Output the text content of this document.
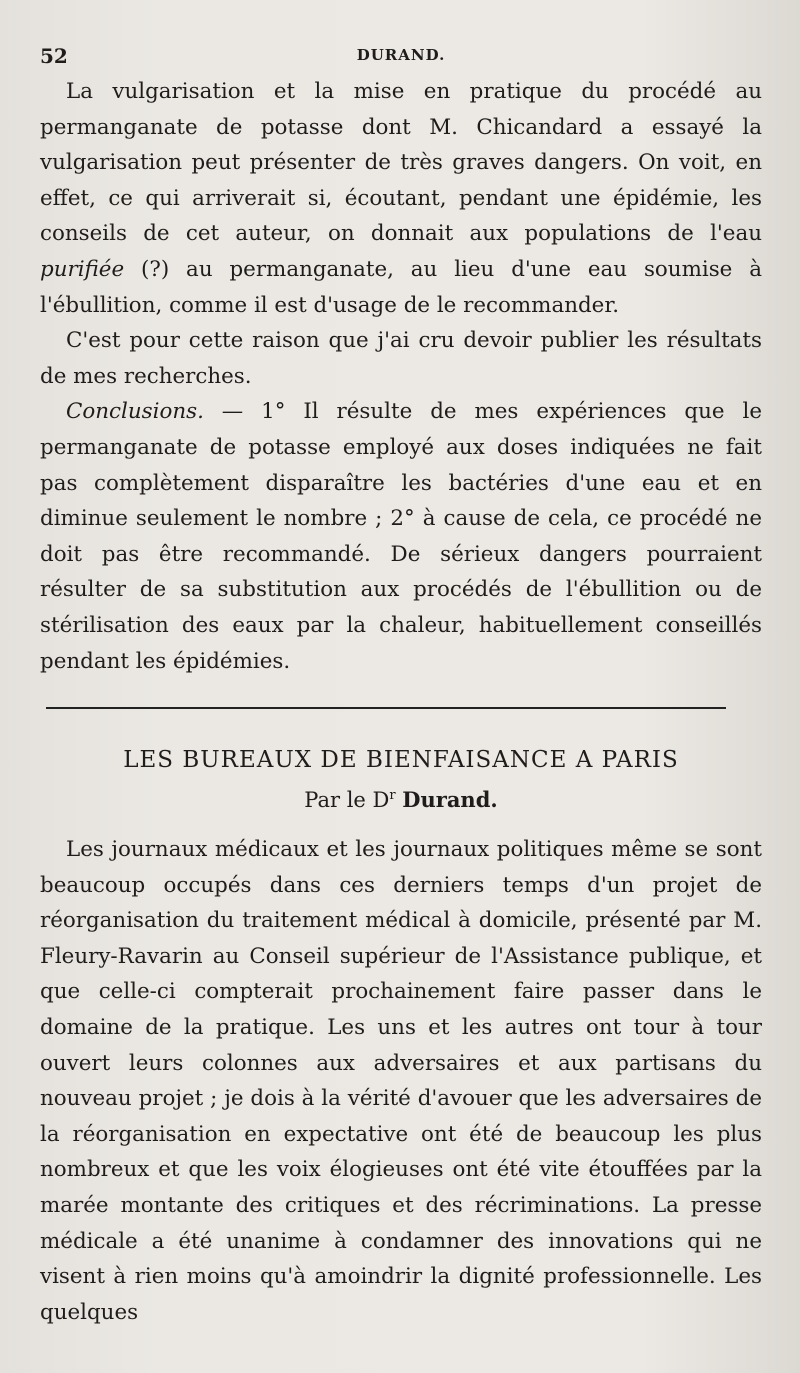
52	DURAND.

La vulgarisation et la mise en pratique du procédé au permanganate de potasse dont M. Chicandard a essayé la vulgarisation peut présenter de très graves dangers. On voit, en effet, ce qui arriverait si, écoutant, pendant une épidémie, les conseils de cet auteur, on donnait aux populations de l'eau purifiée (?) au permanganate, au lieu d'une eau soumise à l'ébullition, comme il est d'usage de le recommander.

C'est pour cette raison que j'ai cru devoir publier les résultats de mes recherches.

Conclusions. — 1° Il résulte de mes expériences que le permanganate de potasse employé aux doses indiquées ne fait pas complètement disparaître les bactéries d'une eau et en diminue seulement le nombre ; 2° à cause de cela, ce procédé ne doit pas être recommandé. De sérieux dangers pourraient résulter de sa substitution aux procédés de l'ébullition ou de stérilisation des eaux par la chaleur, habituellement conseillés pendant les épidémies.

LES BUREAUX DE BIENFAISANCE A PARIS
Par le $D^r$ Durand.

Les journaux médicaux et les journaux politiques même se sont beaucoup occupés dans ces derniers temps d'un projet de réorganisation du traitement médical à domicile, présenté par M. Fleury-Ravarin au Conseil supérieur de l'Assistance publique, et que celle-ci compterait prochainement faire passer dans le domaine de la pratique. Les uns et les autres ont tour à tour ouvert leurs colonnes aux adversaires et aux partisans du nouveau projet ; je dois à la vérité d'avouer que les adversaires de la réorganisation en expectative ont été de beaucoup les plus nombreux et que les voix élogieuses ont été vite étouffées par la marée montante des critiques et des récriminations. La presse médicale a été unanime à condamner des innovations qui ne visent à rien moins qu'à amoindrir la dignité professionnelle. Les quelques
